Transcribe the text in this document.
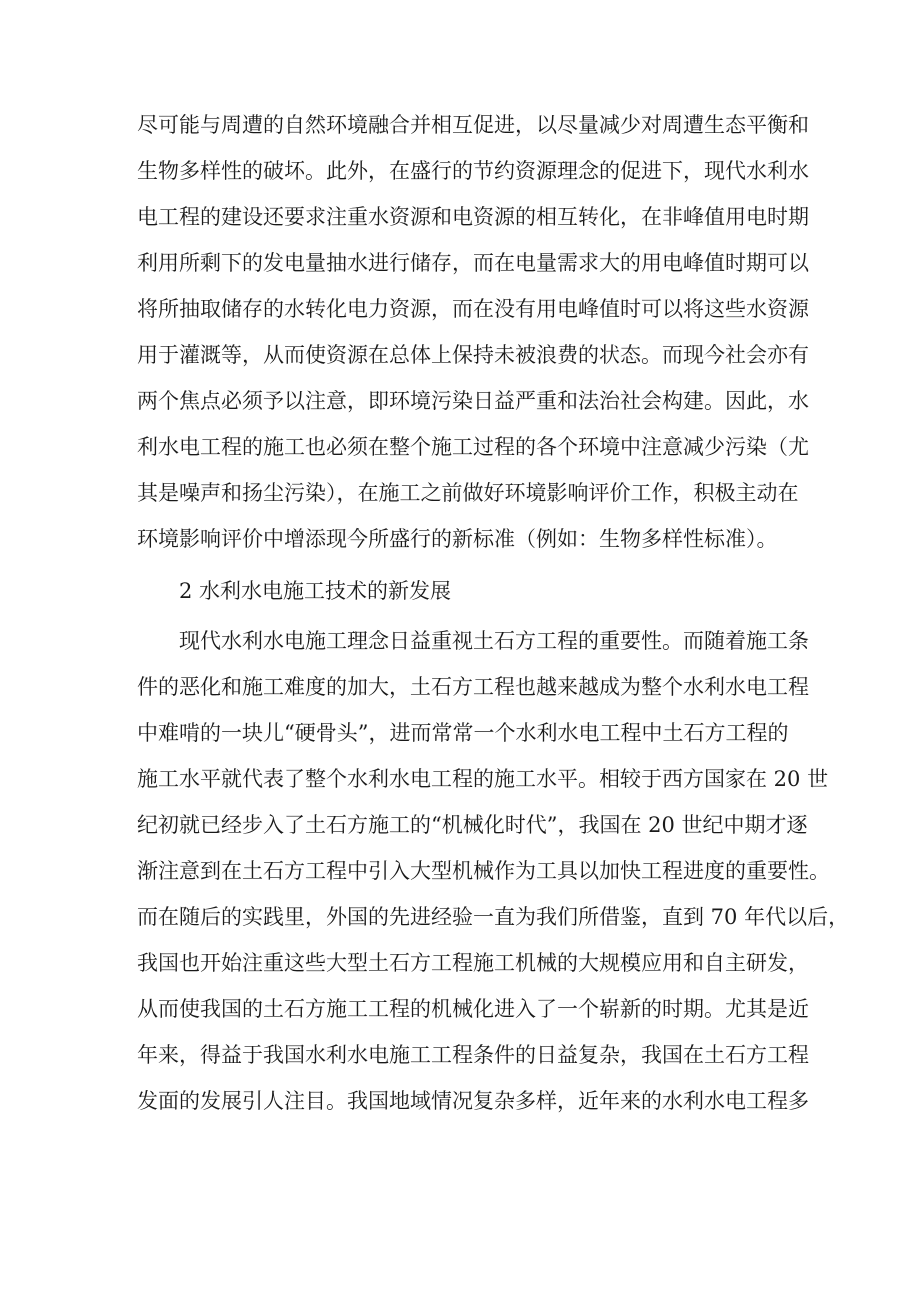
尽可能与周遭的自然环境融合并相互促进，以尽量减少对周遭生态平衡和
生物多样性的破坏。此外，在盛行的节约资源理念的促进下，现代水利水
电工程的建设还要求注重水资源和电资源的相互转化，在非峰值用电时期
利用所剩下的发电量抽水进行储存，而在电量需求大的用电峰值时期可以
将所抽取储存的水转化电力资源，而在没有用电峰值时可以将这些水资源
用于灌溉等，从而使资源在总体上保持未被浪费的状态。而现今社会亦有
两个焦点必须予以注意，即环境污染日益严重和法治社会构建。因此，水
利水电工程的施工也必须在整个施工过程的各个环境中注意减少污染（尤
其是噪声和扬尘污染），在施工之前做好环境影响评价工作，积极主动在
环境影响评价中增添现今所盛行的新标准（例如：生物多样性标准）。

2 水利水电施工技术的新发展

现代水利水电施工理念日益重视土石方工程的重要性。而随着施工条
件的恶化和施工难度的加大，土石方工程也越来越成为整个水利水电工程
中难啃的一块儿“硬骨头”，进而常常一个水利水电工程中土石方工程的
施工水平就代表了整个水利水电工程的施工水平。相较于西方国家在 20 世
纪初就已经步入了土石方施工的“机械化时代”，我国在 20 世纪中期才逐
渐注意到在土石方工程中引入大型机械作为工具以加快工程进度的重要性。
而在随后的实践里，外国的先进经验一直为我们所借鉴，直到 70 年代以后，
我国也开始注重这些大型土石方工程施工机械的大规模应用和自主研发，
从而使我国的土石方施工工程的机械化进入了一个崭新的时期。尤其是近
年来，得益于我国水利水电施工工程条件的日益复杂，我国在土石方工程
发面的发展引人注目。我国地域情况复杂多样，近年来的水利水电工程多
